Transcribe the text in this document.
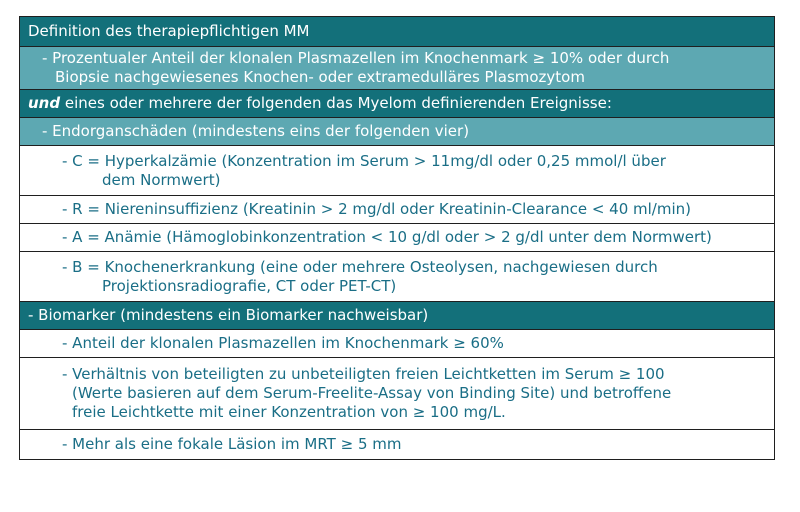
Definition des therapiepflichtigen MM
- Prozentualer Anteil der klonalen Plasmazellen im Knochenmark ≥ 10% oder durch
Biopsie nachgewiesenes Knochen- oder extramedulläres Plasmozytom
und eines oder mehrere der folgenden das Myelom definierenden Ereignisse:
- Endorganschäden (mindestens eins der folgenden vier)
- C = Hyperkalzämie (Konzentration im Serum > 11mg/dl oder 0,25 mmol/l über
dem Normwert)
- R = Niereninsuffizienz (Kreatinin > 2 mg/dl oder Kreatinin-Clearance < 40 ml/min)
- A = Anämie (Hämoglobinkonzentration < 10 g/dl oder > 2 g/dl unter dem Normwert)
- B = Knochenerkrankung (eine oder mehrere Osteolysen, nachgewiesen durch
Projektionsradiografie, CT oder PET-CT)
- Biomarker (mindestens ein Biomarker nachweisbar)
- Anteil der klonalen Plasmazellen im Knochenmark ≥ 60%
- Verhältnis von beteiligten zu unbeteiligten freien Leichtketten im Serum ≥ 100
(Werte basieren auf dem Serum-Freelite-Assay von Binding Site) und betroffene
freie Leichtkette mit einer Konzentration von ≥ 100 mg/L.
- Mehr als eine fokale Läsion im MRT ≥ 5 mm
